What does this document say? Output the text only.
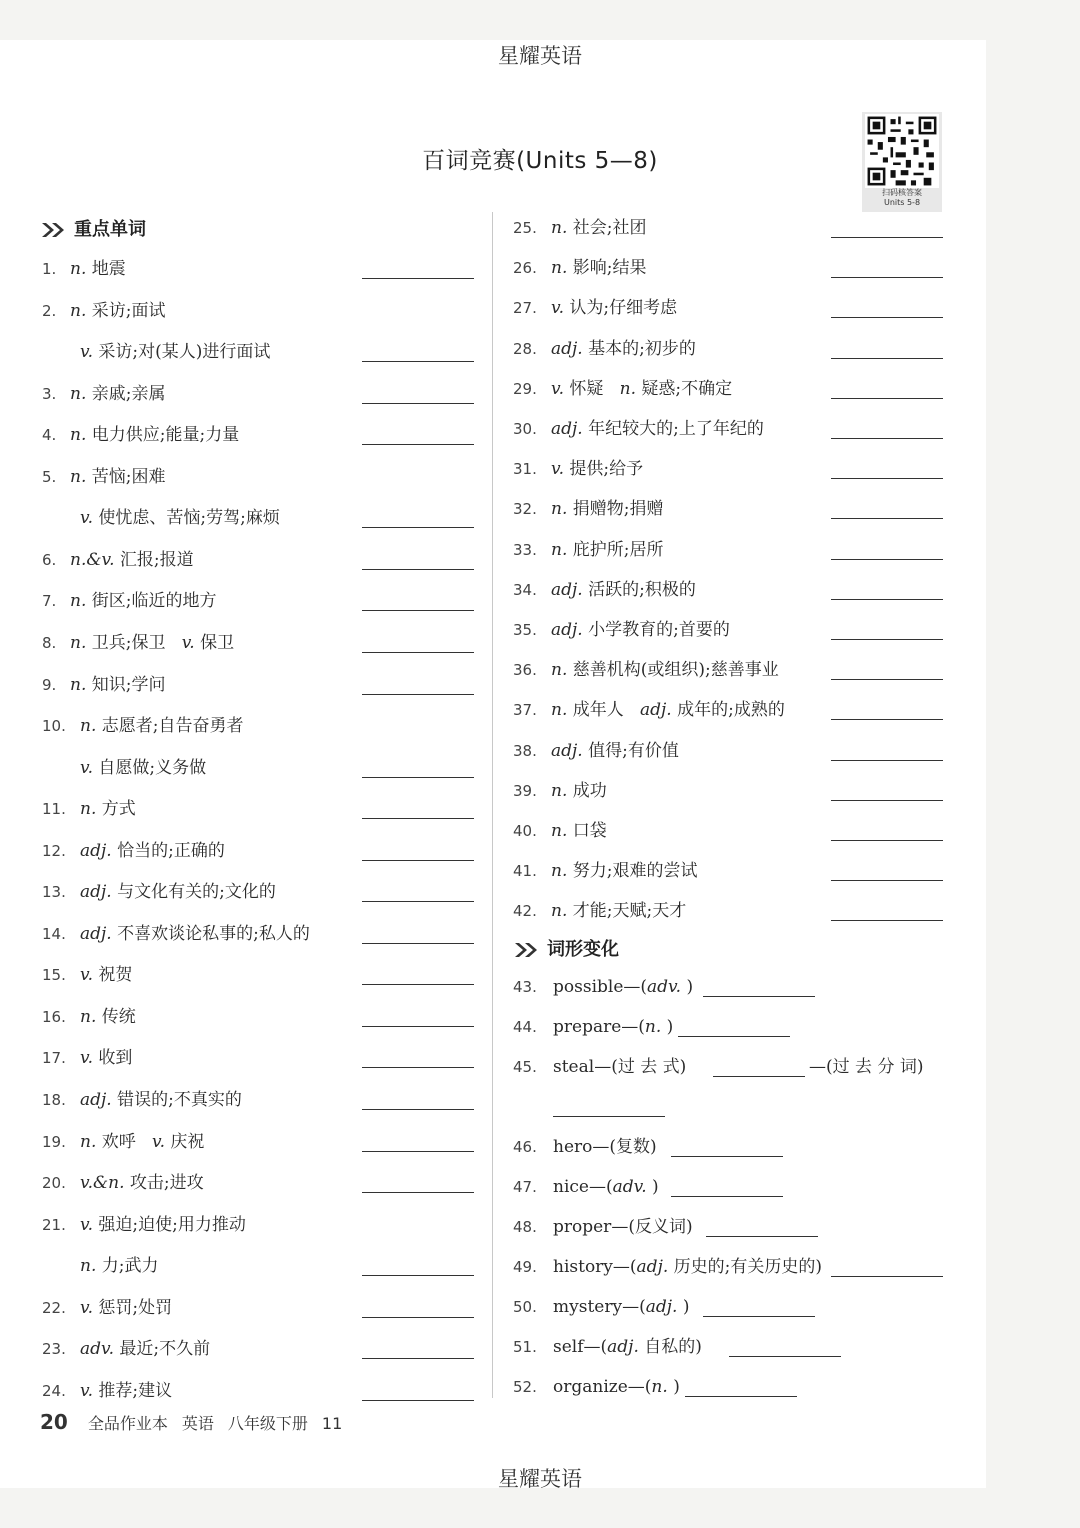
星耀英语
星耀英语
百词竞赛(Units 5—8)
扫码核答案
Units 5-8
重点单词
词形变化
1. n. 地震
2. n. 采访;面试
v. 采访;对(某人)进行面试
3. n. 亲戚;亲属
4. n. 电力供应;能量;力量
5. n. 苦恼;困难
v. 使忧虑、苦恼;劳驾;麻烦
6. n.&v. 汇报;报道
7. n. 街区;临近的地方
8. n. 卫兵;保卫 v. 保卫
9. n. 知识;学问
10. n. 志愿者;自告奋勇者
v. 自愿做;义务做
11. n. 方式
12. adj. 恰当的;正确的
13. adj. 与文化有关的;文化的
14. adj. 不喜欢谈论私事的;私人的
15. v. 祝贺
16. n. 传统
17. v. 收到
18. adj. 错误的;不真实的
19. n. 欢呼 v. 庆祝
20. v.&n. 攻击;进攻
21. v. 强迫;迫使;用力推动
n. 力;武力
22. v. 惩罚;处罚
23. adv. 最近;不久前
24. v. 推荐;建议
25. n. 社会;社团
26. n. 影响;结果
27. v. 认为;仔细考虑
28. adj. 基本的;初步的
29. v. 怀疑 n. 疑惑;不确定
30. adj. 年纪较大的;上了年纪的
31. v. 提供;给予
32. n. 捐赠物;捐赠
33. n. 庇护所;居所
34. adj. 活跃的;积极的
35. adj. 小学教育的;首要的
36. n. 慈善机构(或组织);慈善事业
37. n. 成年人 adj. 成年的;成熟的
38. adj. 值得;有价值
39. n. 成功
40. n. 口袋
41. n. 努力;艰难的尝试
42. n. 才能;天赋;天才
43. possible—(adv. )
44. prepare—(n. )
45. steal—(过 去 式)	—(过 去 分 词)
46. hero—(复数)
47. nice—(adv. )
48. proper—(反义词)
49. history—(adj. 历史的;有关历史的)
50. mystery—(adj. )
51. self—(adj. 自私的)
52. organize—(n. )
20 全品作业本 英语 八年级下册 11
